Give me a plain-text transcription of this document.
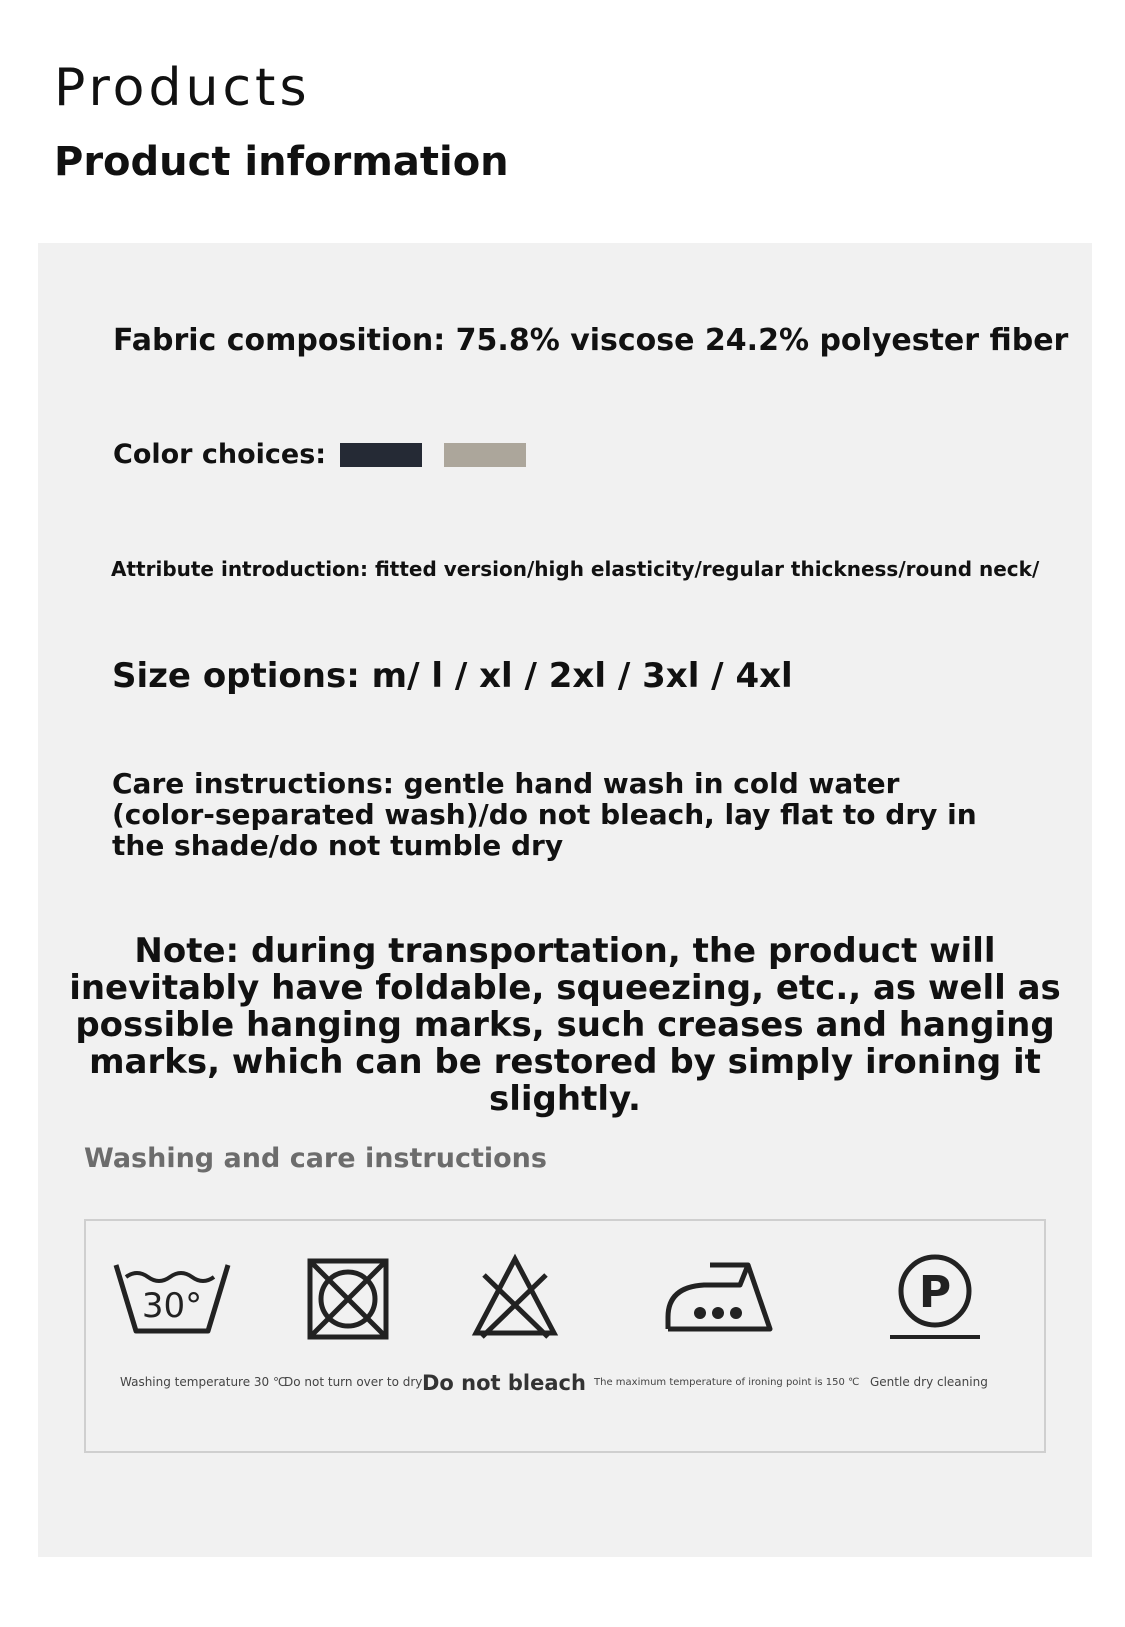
Products
Product information

Fabric composition: 75.8% viscose 24.2% polyester fiber

Color choices:

Attribute introduction: fitted version/high elasticity/regular thickness/round neck/

Size options: m/ l / xl / 2xl / 3xl / 4xl

Care instructions: gentle hand wash in cold water (color-separated wash)/do not bleach, lay flat to dry in the shade/do not tumble dry

Note: during transportation, the product will inevitably have foldable, squeezing, etc., as well as possible hanging marks, such creases and hanging marks, which can be restored by simply ironing it slightly.

Washing and care instructions
30°	P
Washing temperature 30 ℃
Do not turn over to dry Do not bleach The maximum temperature of ironing point is 150 ℃ Gentle dry cleaning
